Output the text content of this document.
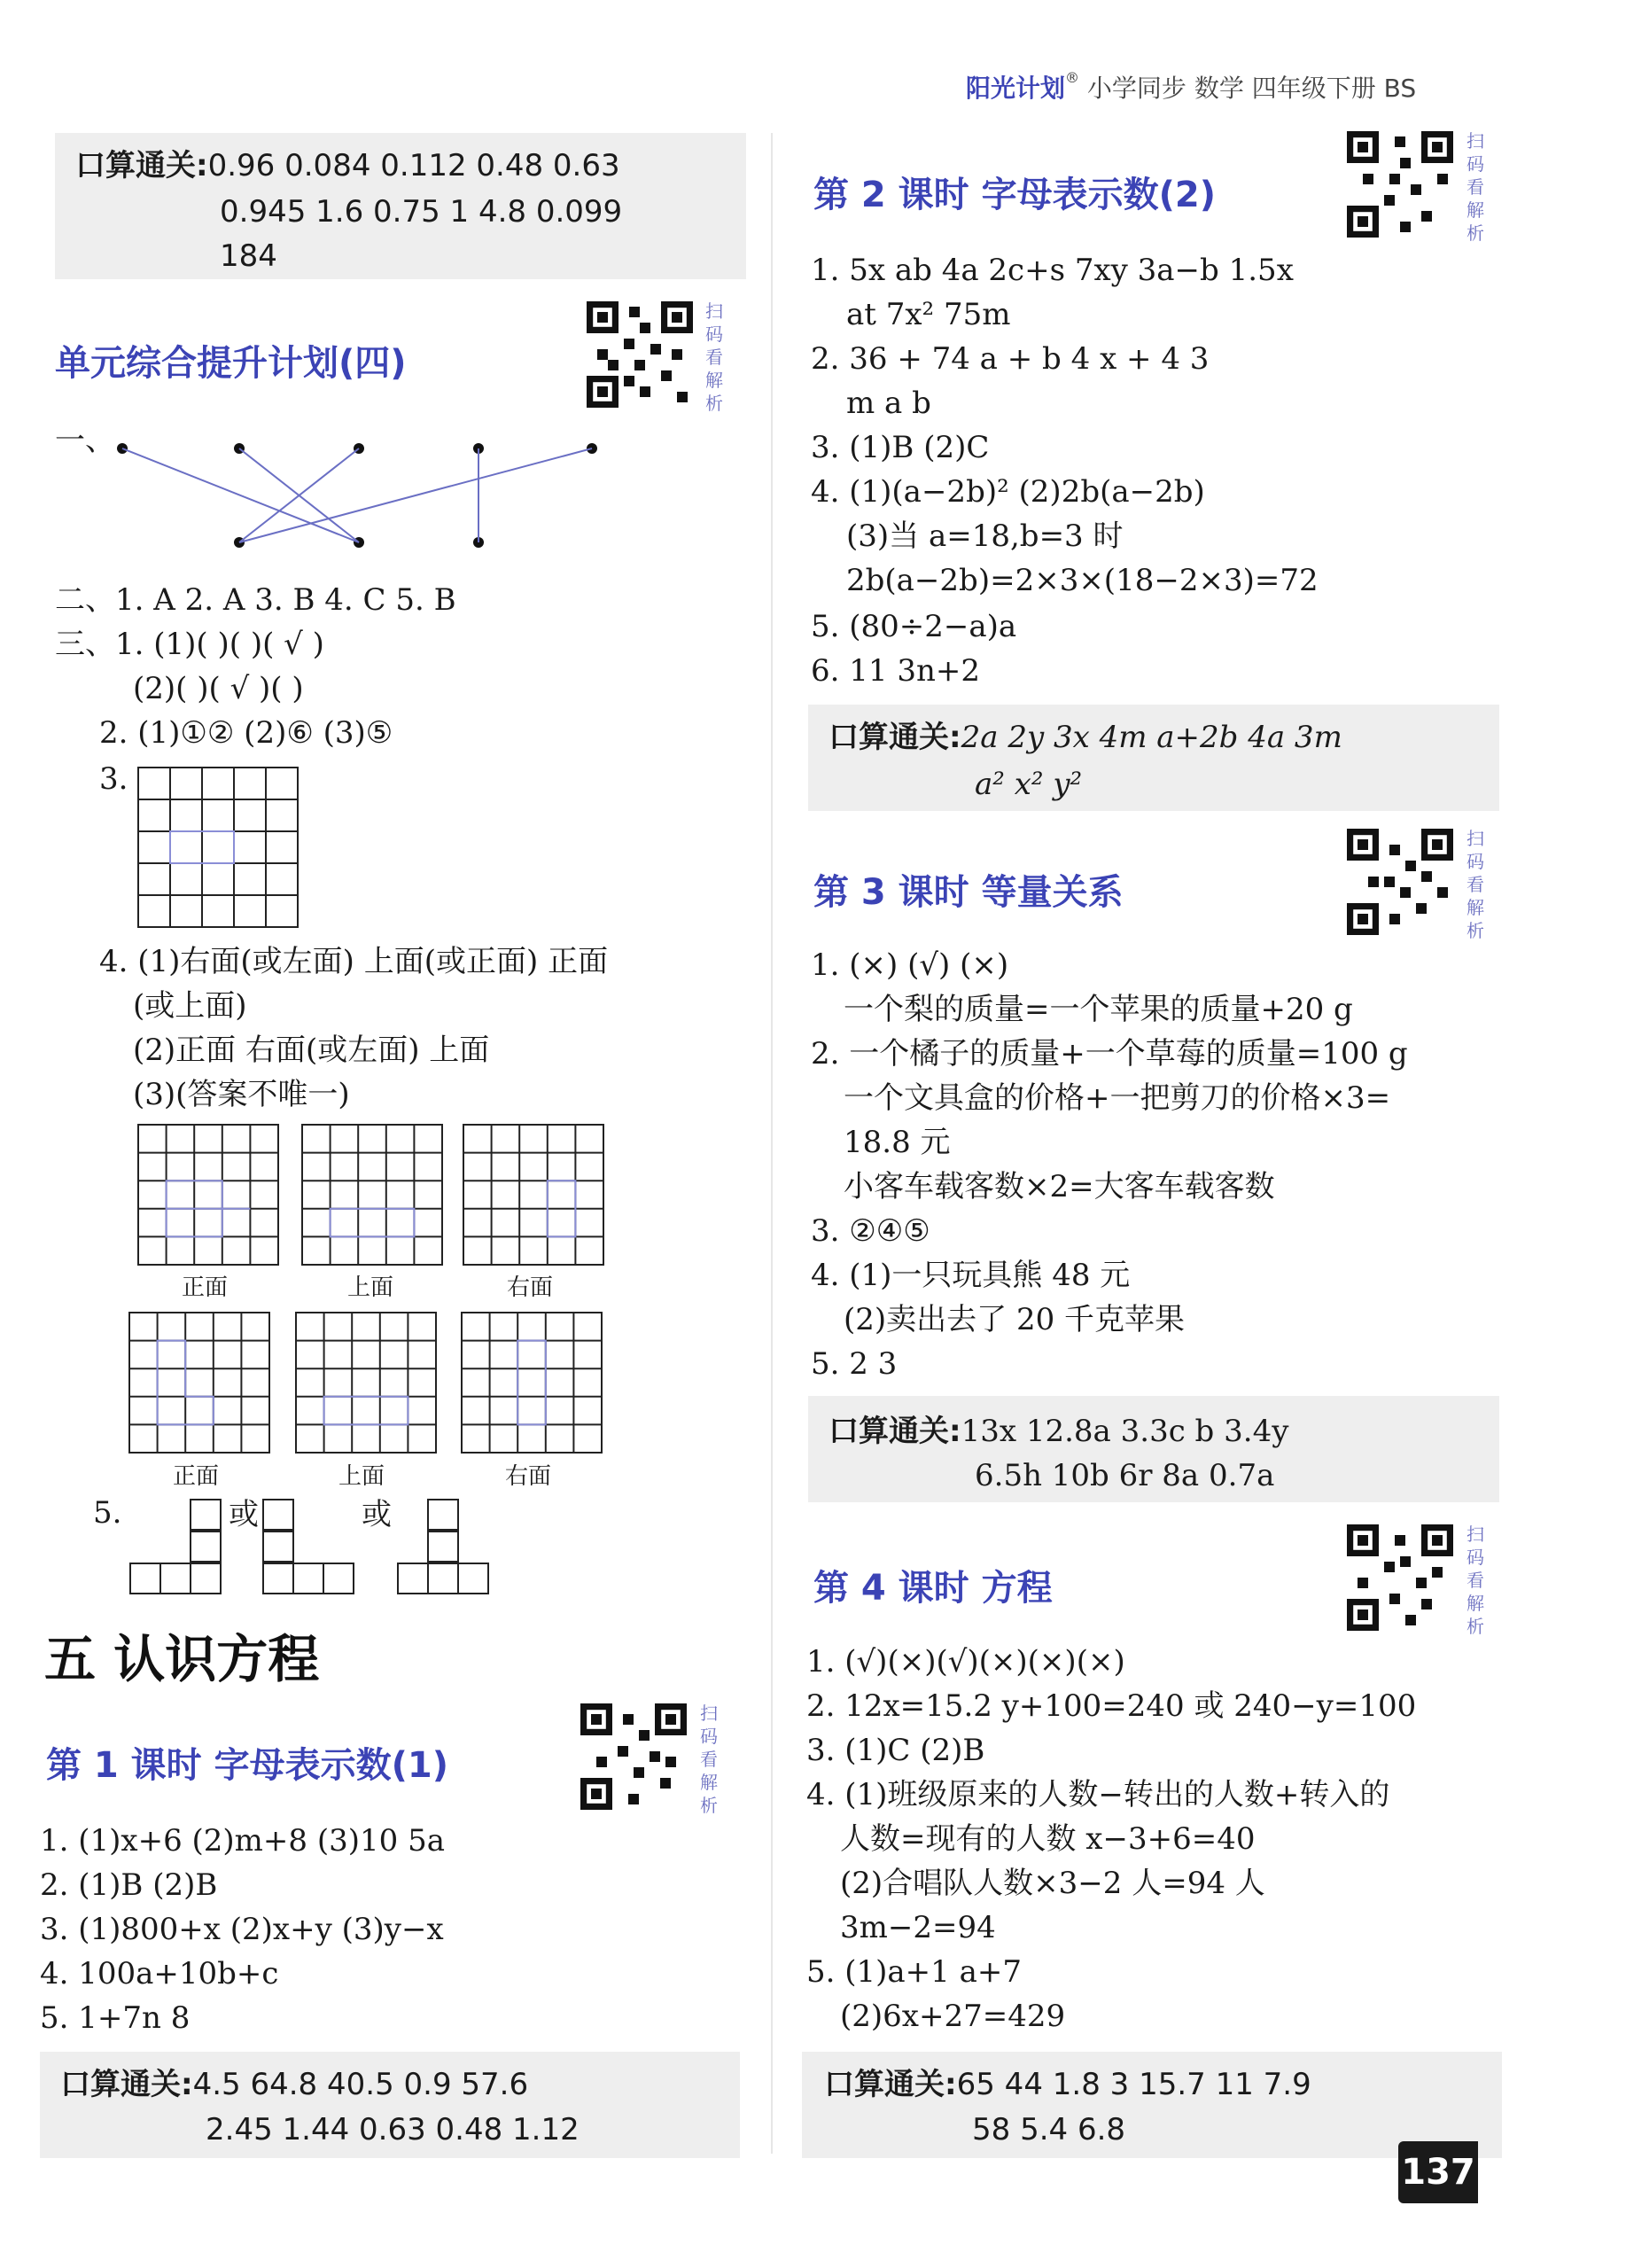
阳光计划® 小学同步 数学 四年级下册 BS
口算通关:0.96 0.084 0.112 0.48 0.63
0.945 1.6 0.75 1 4.8 0.099
184
单元综合提升计划(四)
扫码看解析
一、
二、1. A 2. A 3. B 4. C 5. B
三、1. (1)( )( )( √ )
(2)( )( √ )( )
2. (1)①② (2)⑥ (3)⑤
3.
4. (1)右面(或左面) 上面(或正面) 正面
(或上面)
(2)正面 右面(或左面) 上面
(3)(答案不唯一)
正面	上面	右面
正面	上面	右面
5.	或	或
五 认识方程
第 1 课时 字母表示数(1)
扫码看解析
1. (1)x+6 (2)m+8 (3)10 5a
2. (1)B (2)B
3. (1)800+x (2)x+y (3)y−x
4. 100a+10b+c
5. 1+7n 8
口算通关:4.5 64.8 40.5 0.9 57.6
2.45 1.44 0.63 0.48 1.12
第 2 课时 字母表示数(2)
扫码看解析
1. 5x ab 4a 2c+s 7xy 3a−b 1.5x
at 7x² 75m
2. 36 + 74 a + b 4 x + 4 3
m a b
3. (1)B (2)C
4. (1)(a−2b)² (2)2b(a−2b)
(3)当 a=18,b=3 时
2b(a−2b)=2×3×(18−2×3)=72
5. (80÷2−a)a
6. 11 3n+2
口算通关:2a 2y 3x 4m a+2b 4a 3m
a² x² y²
第 3 课时 等量关系
扫码看解析
1. (×) (√) (×)
一个梨的质量=一个苹果的质量+20 g
2. 一个橘子的质量+一个草莓的质量=100 g
一个文具盒的价格+一把剪刀的价格×3=
18.8 元
小客车载客数×2=大客车载客数
3. ②④⑤
4. (1)一只玩具熊 48 元
(2)卖出去了 20 千克苹果
5. 2 3
口算通关:13x 12.8a 3.3c b 3.4y
6.5h 10b 6r 8a 0.7a
第 4 课时 方程
扫码看解析
1. (√)(×)(√)(×)(×)(×)
2. 12x=15.2 y+100=240 或 240−y=100
3. (1)C (2)B
4. (1)班级原来的人数−转出的人数+转入的
人数=现有的人数 x−3+6=40
(2)合唱队人数×3−2 人=94 人
3m−2=94
5. (1)a+1 a+7
(2)6x+27=429
口算通关:65 44 1.8 3 15.7 11 7.9
58 5.4 6.8
137
